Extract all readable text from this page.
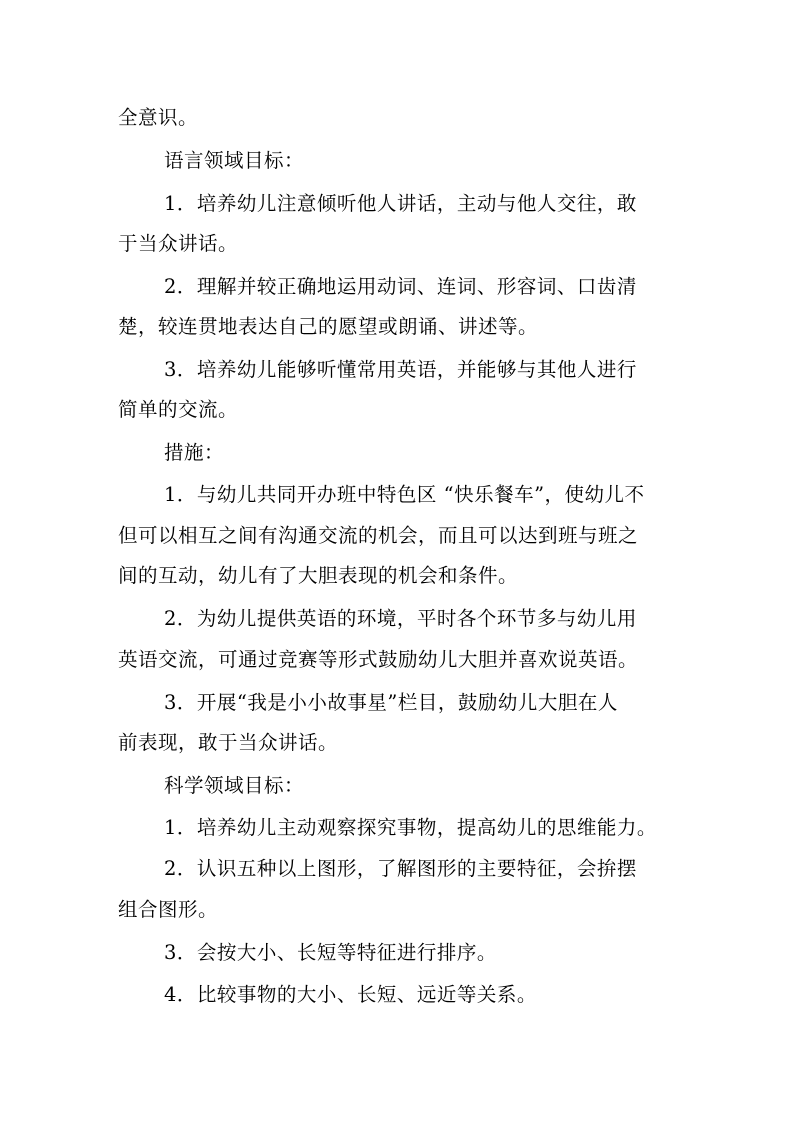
全意识。
语言领域目标：
1．培养幼儿注意倾听他人讲话，主动与他人交往，敢
于当众讲话。
2．理解并较正确地运用动词、连词、形容词、口齿清
楚，较连贯地表达自己的愿望或朗诵、讲述等。
3．培养幼儿能够听懂常用英语，并能够与其他人进行
简单的交流。
措施：
1．与幼儿共同开办班中特色区 “快乐餐车”，使幼儿不
但可以相互之间有沟通交流的机会，而且可以达到班与班之
间的互动，幼儿有了大胆表现的机会和条件。
2．为幼儿提供英语的环境，平时各个环节多与幼儿用
英语交流，可通过竞赛等形式鼓励幼儿大胆并喜欢说英语。
3．开展“我是小小故事星”栏目，鼓励幼儿大胆在人
前表现，敢于当众讲话。
科学领域目标：
1．培养幼儿主动观察探究事物，提高幼儿的思维能力。
2．认识五种以上图形，了解图形的主要特征，会拚摆
组合图形。
3．会按大小、长短等特征进行排序。
4．比较事物的大小、长短、远近等关系。
